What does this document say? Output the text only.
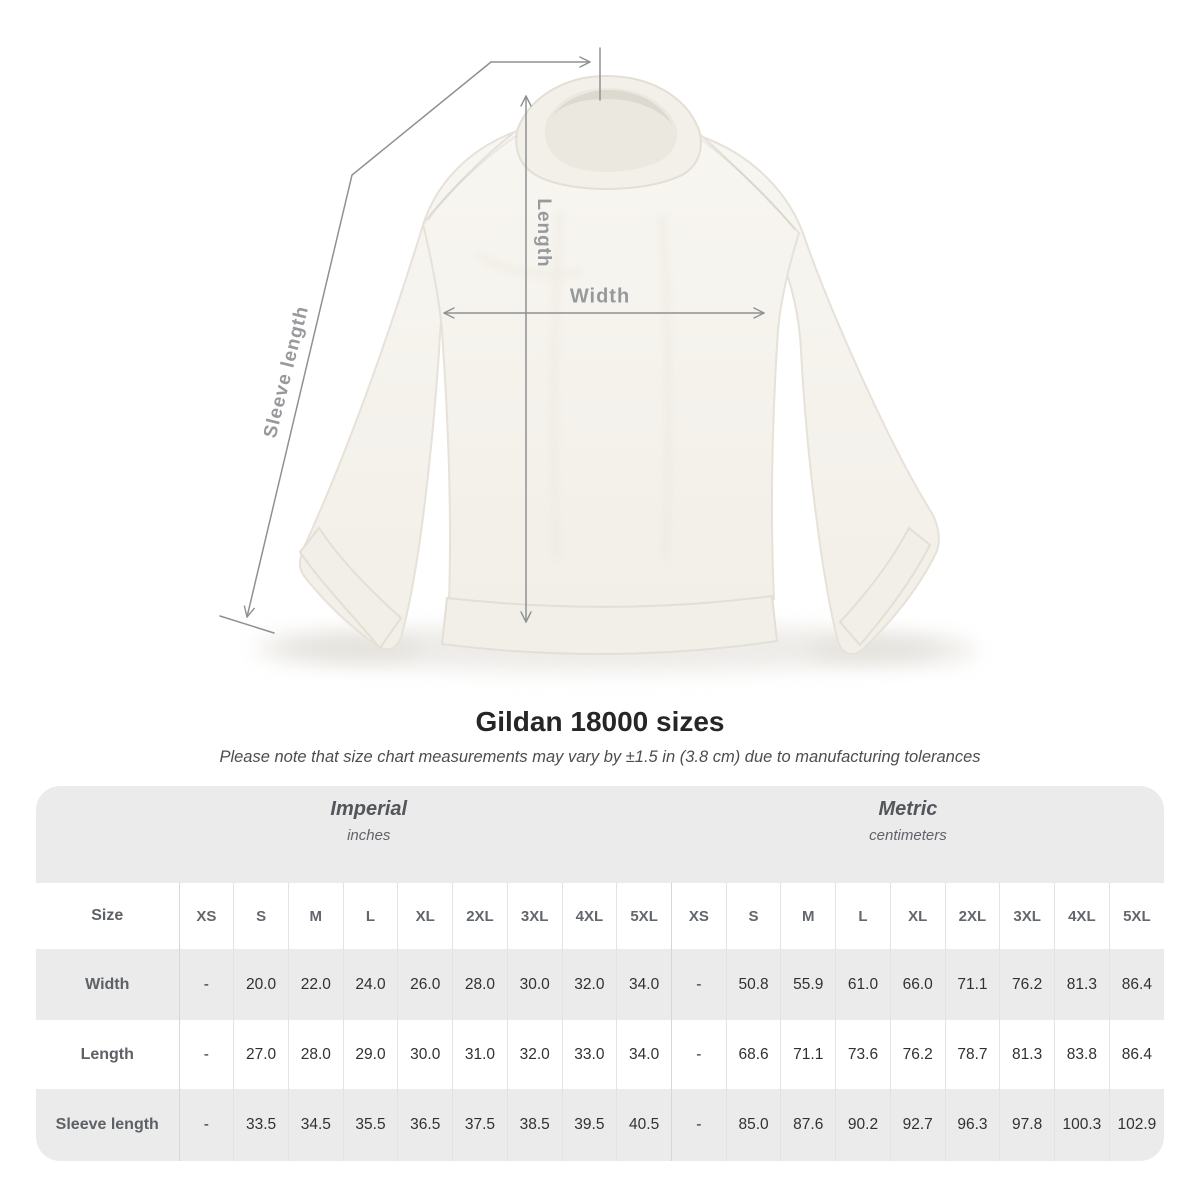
Length
Width
Sleeve length
Gildan 18000 sizes

Please note that size chart measurements may vary by ±1.5 in (3.8 cm) due to manufacturing tolerances

Imperial
inches
Metric
centimeters
Size	XS	S	M	L	XL	2XL	3XL	4XL	5XL	XS	S	M	L	XL	2XL	3XL	4XL	5XL
Width	-	20.0	22.0	24.0	26.0	28.0	30.0	32.0	34.0	-	50.8	55.9	61.0	66.0	71.1	76.2	81.3	86.4
Length	-	27.0	28.0	29.0	30.0	31.0	32.0	33.0	34.0	-	68.6	71.1	73.6	76.2	78.7	81.3	83.8	86.4
Sleeve length	-	33.5	34.5	35.5	36.5	37.5	38.5	39.5	40.5	-	85.0	87.6	90.2	92.7	96.3	97.8	100.3	102.9
